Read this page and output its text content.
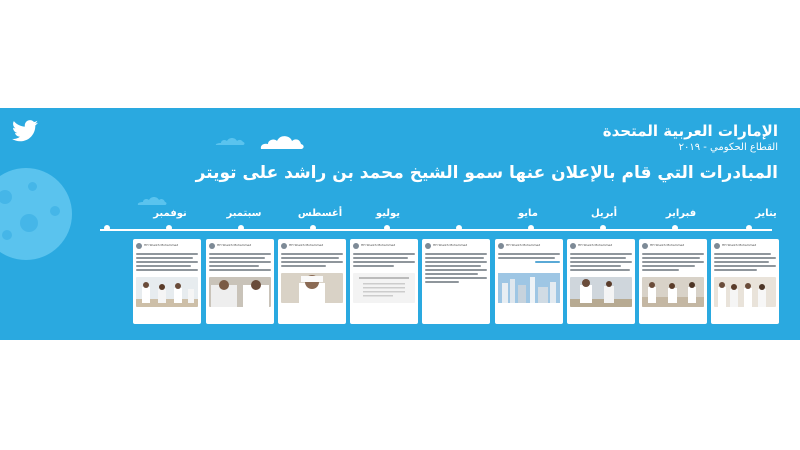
الإمارات العربية المتحدة
القطاع الحكومي - ٢٠١٩
المبادرات التي قام بالإعلان عنها سمو الشيخ محمد بن راشد على تويتر
يناير
فبراير
أبريل
مايو
يوليو
أغسطس
سبتمبر
نوفمبر
HH Sheikh Mohammed
HH Sheikh Mohammed
HH Sheikh Mohammed
HH Sheikh Mohammed
HH Sheikh Mohammed
HH Sheikh Mohammed
HH Sheikh Mohammed
HH Sheikh Mohammed	HH Sheikh Mohammed
